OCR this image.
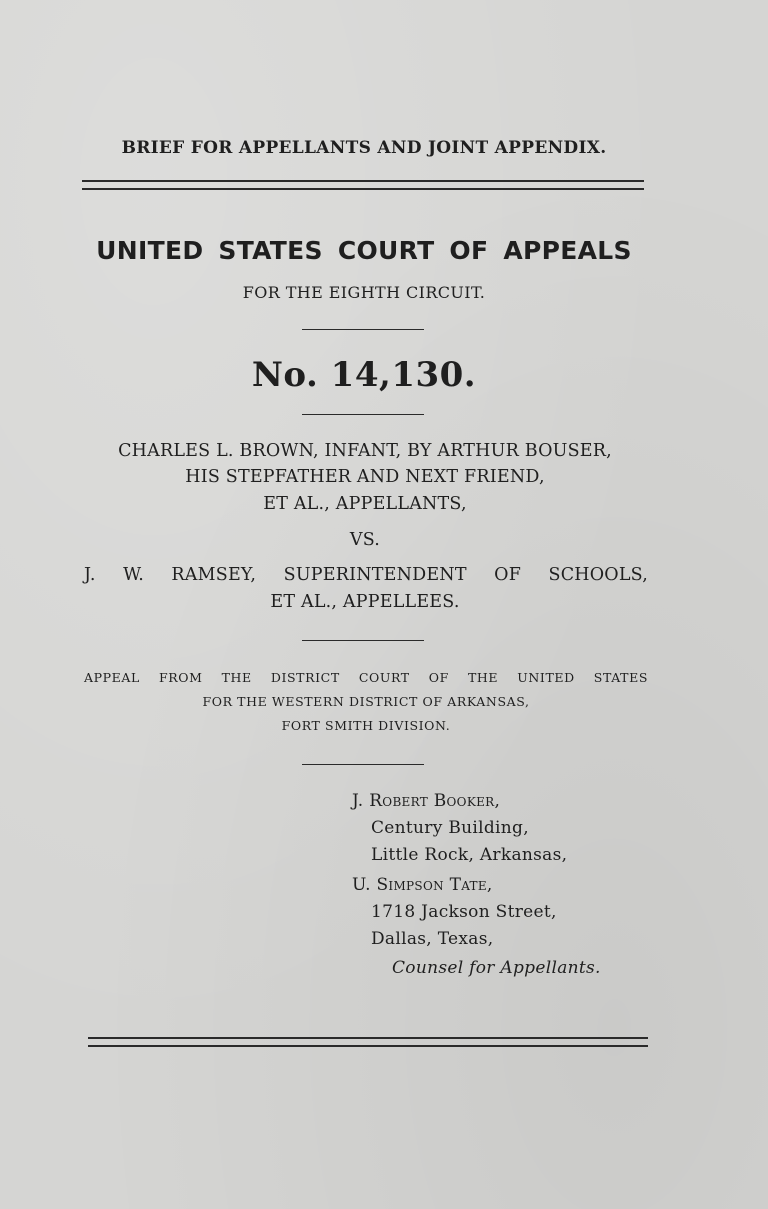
BRIEF FOR APPELLANTS AND JOINT APPENDIX.
UNITED STATES COURT OF APPEALS
FOR THE EIGHTH CIRCUIT.
No. 14,130.
CHARLES L. BROWN, INFANT, BY ARTHUR BOUSER,
HIS STEPFATHER AND NEXT FRIEND,
ET AL., APPELLANTS,
VS.
J. W. RAMSEY, SUPERINTENDENT OF SCHOOLS,
ET AL., APPELLEES.
APPEAL FROM THE DISTRICT COURT OF THE UNITED STATES
FOR THE WESTERN DISTRICT OF ARKANSAS,
FORT SMITH DIVISION.
J. Robert Booker,
Century Building,
Little Rock, Arkansas,
U. Simpson Tate,
1718 Jackson Street,
Dallas, Texas,
Counsel for Appellants.
